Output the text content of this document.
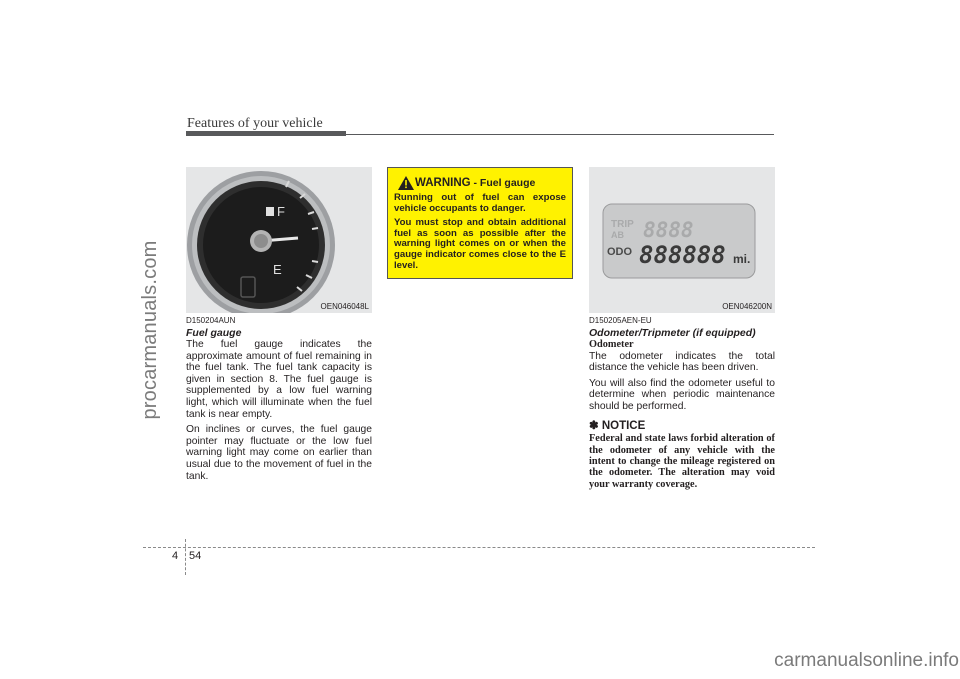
procarmanuals.com
Features of your vehicle
F
E
OEN046048L
D150204AUN
Fuel gauge
The fuel gauge indicates the approximate amount of fuel remaining in the fuel tank. The fuel tank capacity is given in section 8. The fuel gauge is supplemented by a low fuel warning light, which will illuminate when the fuel tank is near empty.
On inclines or curves, the fuel gauge pointer may fluctuate or the low fuel warning light may come on earlier than usual due to the movement of fuel in the tank.
WARNING - Fuel gauge
Running out of fuel can expose vehicle occupants to danger.
You must stop and obtain additional fuel as soon as possible after the warning light comes on or when the gauge indicator comes close to the E level.
TRIP
AB 8888
ODO 888888 mi.
OEN046200N
D150205AEN-EU
Odometer/Tripmeter (if equipped)
Odometer
The odometer indicates the total distance the vehicle has been driven.
You will also find the odometer useful to determine when periodic maintenance should be performed.
✽ NOTICE
Federal and state laws forbid alteration of the odometer of any vehicle with the intent to change the mileage registered on the odometer. The alteration may void your warranty coverage.
4 54
carmanualsonline.info
